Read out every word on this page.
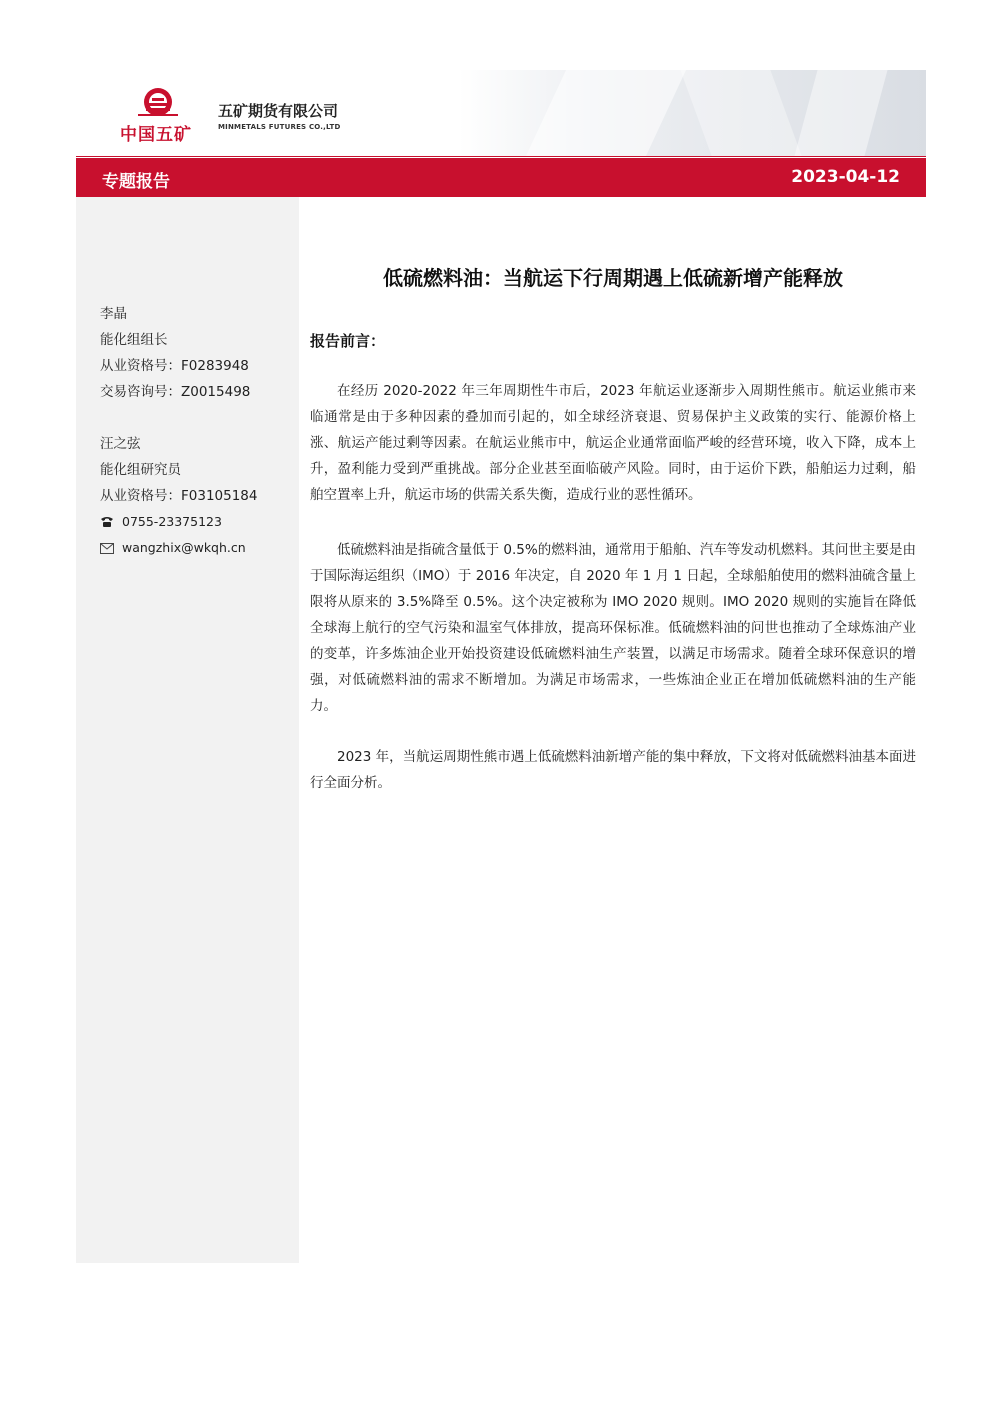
中国五矿
五矿期货有限公司
MINMETALS FUTURES CO.,LTD
专题报告	2023-04-12
李晶
能化组组长
从业资格号：F0283948
交易咨询号：Z0015498
汪之弦
能化组研究员
从业资格号：F03105184
0755-23375123
wangzhix@wkqh.cn
低硫燃料油：当航运下行周期遇上低硫新增产能释放
报告前言：

在经历 2020-2022 年三年周期性牛市后，2023 年航运业逐渐步入周期性熊市。航运业熊市来临通常是由于多种因素的叠加而引起的，如全球经济衰退、贸易保护主义政策的实行、能源价格上涨、航运产能过剩等因素。在航运业熊市中，航运企业通常面临严峻的经营环境，收入下降，成本上升，盈利能力受到严重挑战。部分企业甚至面临破产风险。同时，由于运价下跌，船舶运力过剩，船舶空置率上升，航运市场的供需关系失衡，造成行业的恶性循环。

低硫燃料油是指硫含量低于 0.5%的燃料油，通常用于船舶、汽车等发动机燃料。其问世主要是由于国际海运组织（IMO）于 2016 年决定，自 2020 年 1 月 1 日起，全球船舶使用的燃料油硫含量上限将从原来的 3.5%降至 0.5%。这个决定被称为 IMO 2020 规则。IMO 2020 规则的实施旨在降低全球海上航行的空气污染和温室气体排放，提高环保标准。低硫燃料油的问世也推动了全球炼油产业的变革，许多炼油企业开始投资建设低硫燃料油生产装置，以满足市场需求。随着全球环保意识的增强，对低硫燃料油的需求不断增加。为满足市场需求，一些炼油企业正在增加低硫燃料油的生产能力。

2023 年，当航运周期性熊市遇上低硫燃料油新增产能的集中释放，下文将对低硫燃料油基本面进行全面分析。
